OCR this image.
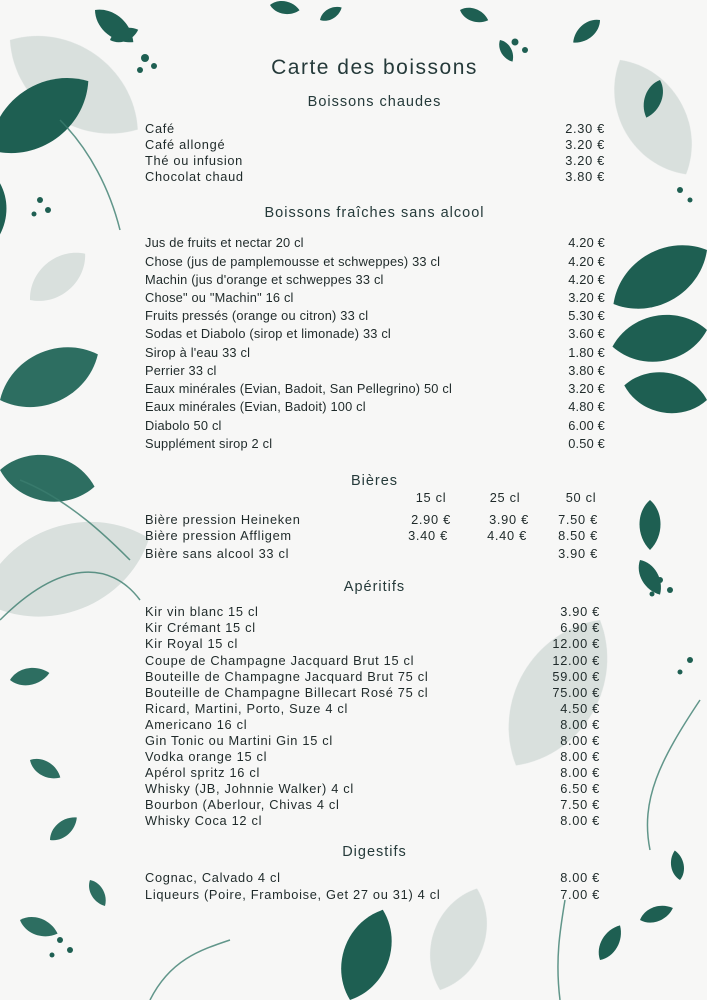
Carte des boissons
Boissons chaudes
Café	2.30 €
Café allongé	3.20 €
Thé ou infusion	3.20 €
Chocolat chaud	3.80 €
Boissons fraîches sans alcool
Jus de fruits et nectar 20 cl	4.20 €
Chose (jus de pamplemousse et schweppes) 33 cl	4.20 €
Machin (jus d'orange et schweppes 33 cl	4.20 €
Chose" ou "Machin" 16 cl	3.20 €
Fruits pressés (orange ou citron) 33 cl	5.30 €
Sodas et Diabolo (sirop et limonade) 33 cl	3.60 €
Sirop à l'eau 33 cl	1.80 €
Perrier 33 cl	3.80 €
Eaux minérales (Evian, Badoit, San Pellegrino) 50 cl	3.20 €
Eaux minérales (Evian, Badoit) 100 cl	4.80 €
Diabolo 50 cl	6.00 €
Supplément sirop 2 cl	0.50 €
Bières
15 cl	25 cl	50 cl
Bière pression Heineken	2.90 €	3.90 €	7.50 €
Bière pression Affligem	3.40 €	4.40 €	8.50 €
Bière sans alcool 33 cl	3.90 €
Apéritifs
Kir vin blanc 15 cl	3.90 €
Kir Crémant 15 cl	6.90 €
Kir Royal 15 cl	12.00 €
Coupe de Champagne Jacquard Brut 15 cl	12.00 €
Bouteille de Champagne Jacquard Brut 75 cl	59.00 €
Bouteille de Champagne Billecart Rosé 75 cl	75.00 €
Ricard, Martini, Porto, Suze 4 cl	4.50 €
Americano 16 cl	8.00 €
Gin Tonic ou Martini Gin 15 cl	8.00 €
Vodka orange 15 cl	8.00 €
Apérol spritz 16 cl	8.00 €
Whisky (JB, Johnnie Walker) 4 cl	6.50 €
Bourbon (Aberlour, Chivas 4 cl	7.50 €
Whisky Coca 12 cl	8.00 €
Digestifs
Cognac, Calvado 4 cl	8.00 €
Liqueurs (Poire, Framboise, Get 27 ou 31) 4 cl	7.00 €
